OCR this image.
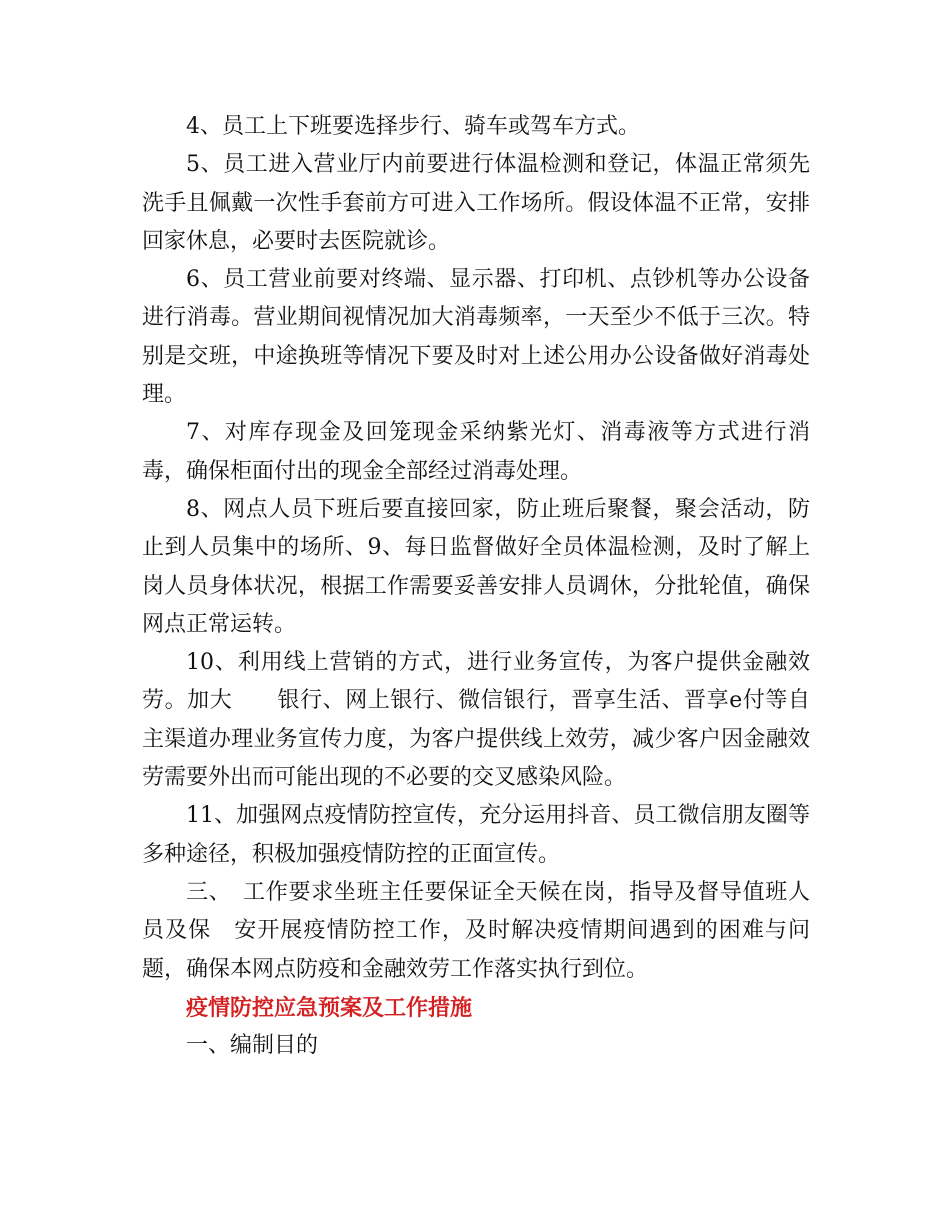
4、员工上下班要选择步行、骑车或驾车方式。

5、员工进入营业厅内前要进行体温检测和登记，体温正常须先洗手且佩戴一次性手套前方可进入工作场所。假设体温不正常，安排回家休息，必要时去医院就诊。

6、员工营业前要对终端、显示器、打印机、点钞机等办公设备进行消毒。营业期间视情况加大消毒频率，一天至少不低于三次。特别是交班，中途换班等情况下要及时对上述公用办公设备做好消毒处理。

7、对库存现金及回笼现金采纳紫光灯、消毒液等方式进行消毒，确保柜面付出的现金全部经过消毒处理。

8、网点人员下班后要直接回家，防止班后聚餐，聚会活动，防止到人员集中的场所、9、每日监督做好全员体温检测，及时了解上岗人员身体状况，根据工作需要妥善安排人员调休，分批轮值，确保网点正常运转。

10、利用线上营销的方式，进行业务宣传，为客户提供金融效劳。加大　　银行、网上银行、微信银行，晋享生活、晋享e付等自主渠道办理业务宣传力度，为客户提供线上效劳，减少客户因金融效劳需要外出而可能出现的不必要的交叉感染风险。

11、加强网点疫情防控宣传，充分运用抖音、员工微信朋友圈等多种途径，积极加强疫情防控的正面宣传。

三、　工作要求坐班主任要保证全天候在岗，指导及督导值班人员及保　安开展疫情防控工作，及时解决疫情期间遇到的困难与问题，确保本网点防疫和金融效劳工作落实执行到位。

疫情防控应急预案及工作措施

一、编制目的
